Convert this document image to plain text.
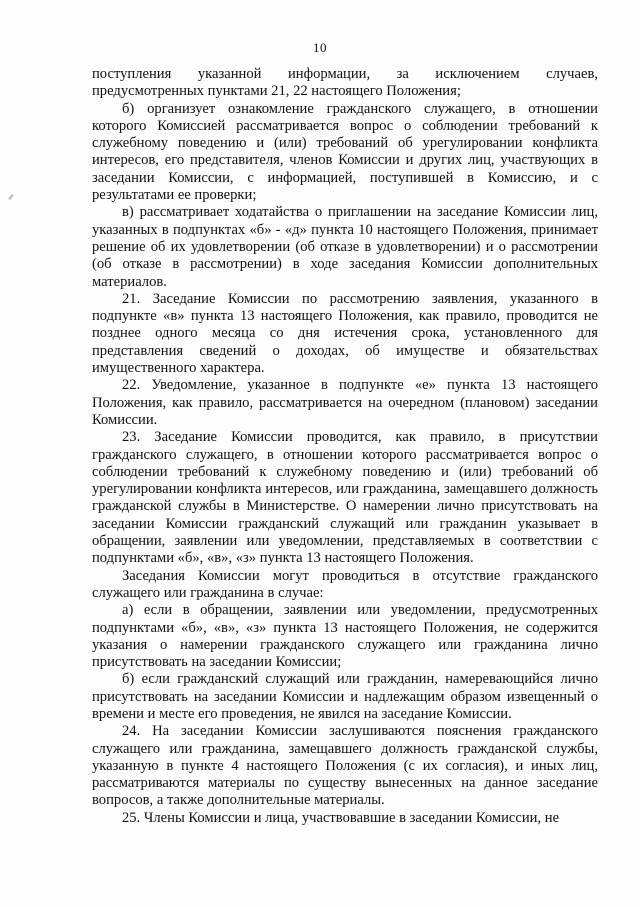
10

поступления указанной информации, за исключением случаев, предусмотренных пунктами 21, 22 настоящего Положения;

б) организует ознакомление гражданского служащего, в отношении которого Комиссией рассматривается вопрос о соблюдении требований к служебному поведению и (или) требований об урегулировании конфликта интересов, его представителя, членов Комиссии и других лиц, участвующих в заседании Комиссии, с информацией, поступившей в Комиссию, и с результатами ее проверки;

в) рассматривает ходатайства о приглашении на заседание Комиссии лиц, указанных в подпунктах «б» - «д» пункта 10 настоящего Положения, принимает решение об их удовлетворении (об отказе в удовлетворении) и о рассмотрении (об отказе в рассмотрении) в ходе заседания Комиссии дополнительных материалов.

21. Заседание Комиссии по рассмотрению заявления, указанного в подпункте «в» пункта 13 настоящего Положения, как правило, проводится не позднее одного месяца со дня истечения срока, установленного для представления сведений о доходах, об имуществе и обязательствах имущественного характера.

22. Уведомление, указанное в подпункте «е» пункта 13 настоящего Положения, как правило, рассматривается на очередном (плановом) заседании Комиссии.

23. Заседание Комиссии проводится, как правило, в присутствии гражданского служащего, в отношении которого рассматривается вопрос о соблюдении требований к служебному поведению и (или) требований об урегулировании конфликта интересов, или гражданина, замещавшего должность гражданской службы в Министерстве. О намерении лично присутствовать на заседании Комиссии гражданский служащий или гражданин указывает в обращении, заявлении или уведомлении, представляемых в соответствии с подпунктами «б», «в», «з» пункта 13 настоящего Положения.

Заседания Комиссии могут проводиться в отсутствие гражданского служащего или гражданина в случае:

а) если в обращении, заявлении или уведомлении, предусмотренных подпунктами «б», «в», «з» пункта 13 настоящего Положения, не содержится указания о намерении гражданского служащего или гражданина лично присутствовать на заседании Комиссии;

б) если гражданский служащий или гражданин, намеревающийся лично присутствовать на заседании Комиссии и надлежащим образом извещенный о времени и месте его проведения, не явился на заседание Комиссии.

24. На заседании Комиссии заслушиваются пояснения гражданского служащего или гражданина, замещавшего должность гражданской службы, указанную в пункте 4 настоящего Положения (с их согласия), и иных лиц, рассматриваются материалы по существу вынесенных на данное заседание вопросов, а также дополнительные материалы.

25. Члены Комиссии и лица, участвовавшие в заседании Комиссии, не
